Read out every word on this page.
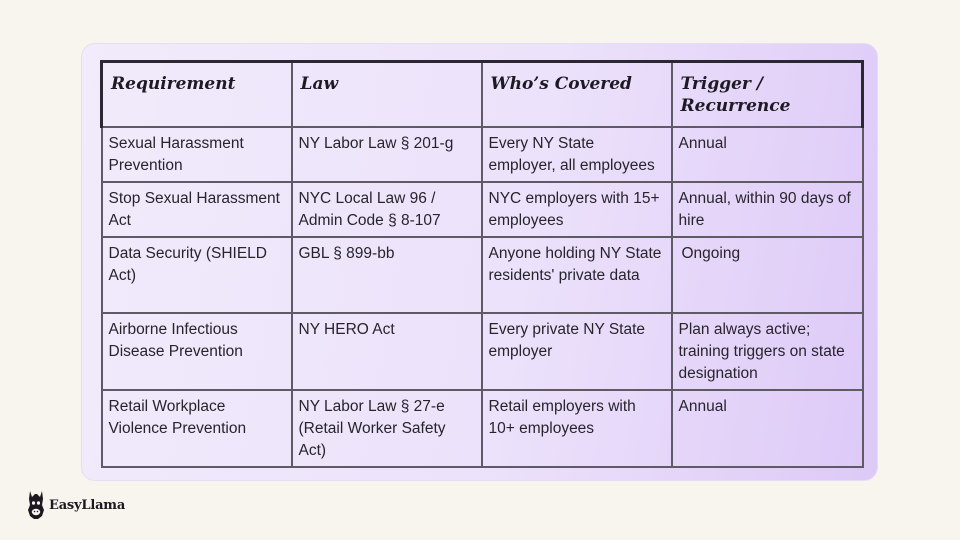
Requirement	Law	Who’s Covered	Trigger / Recurrence
Sexual Harassment Prevention	NY Labor Law § 201-g	Every NY State employer, all employees	Annual
Stop Sexual Harassment Act	NYC Local Law 96 / Admin Code § 8-107	NYC employers with 15+ employees	Annual, within 90 days of hire
Data Security (SHIELD Act)	GBL § 899-bb	Anyone holding NY State residents' private data	Ongoing
Airborne Infectious Disease Prevention	NY HERO Act	Every private NY State employer	Plan always active; training triggers on state designation
Retail Workplace Violence Prevention	NY Labor Law § 27-e (Retail Worker Safety Act)	Retail employers with 10+ employees	Annual
EasyLlama
